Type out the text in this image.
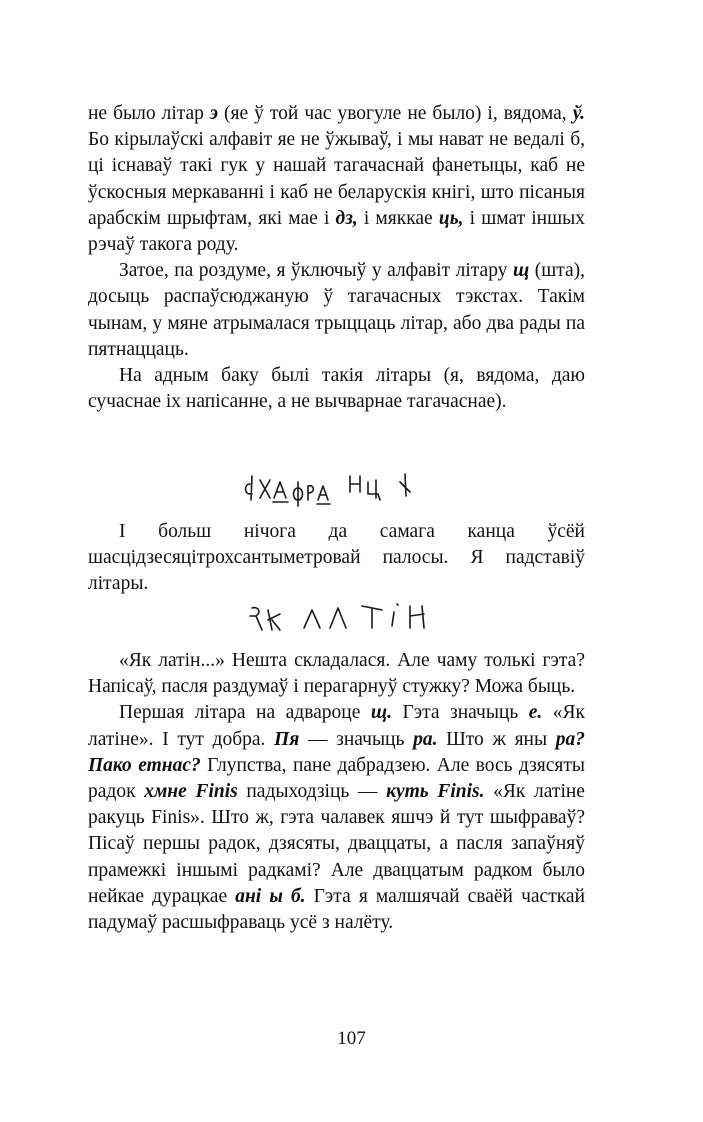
не было літар э (яе ў той час увогуле не было) і, вядома, ў. Бо кірылаўскі алфавіт яе не ўжываў, і мы нават не ведалі б, ці існаваў такі гук у нашай тагачаснай фанетыцы, каб не ўскосныя меркаванні і каб не беларускія кнігі, што пісаныя арабскім шрыфтам, які мае і дз, і мяккае ць, і шмат іншых рэчаў такога роду.

Затое, па роздуме, я ўключыў у алфавіт літару щ (шта), досыць распаўсюджаную ў тагачасных тэкстах. Такім чынам, у мяне атрымалася трыццаць літар, або два рады па пятнаццаць.

На адным баку былі такія літары (я, вядома, даю сучаснае іх напісанне, а не вычварнае тагачаснае).

І больш нічога да самага канца ўсёй шасцідзесяцітрохсантыметровай палосы. Я падставіў літары.

«Як латін...» Нешта складалася. Але чаму толькі гэта? Напісаў, пасля раздумаў і перагарнуў стужку? Можа быць.

Першая літара на адвароце щ. Гэта значыць е. «Як латіне». І тут добра. Пя — значыць ра. Што ж яны ра? Пако етнас? Глупства, пане дабрадзею. Але вось дзясяты радок хмне Finis падыходзіць — куть Finis. «Як латіне ракуць Finis». Што ж, гэта чалавек яшчэ й тут шыфраваў? Пісаў першы радок, дзясяты, дваццаты, а пасля запаўняў прамежкі іншымі радкамі? Але дваццатым радком было нейкае дурацкае ані ы б. Гэта я малшячай сваёй часткай падумаў расшыфраваць усё з налёту.

107
